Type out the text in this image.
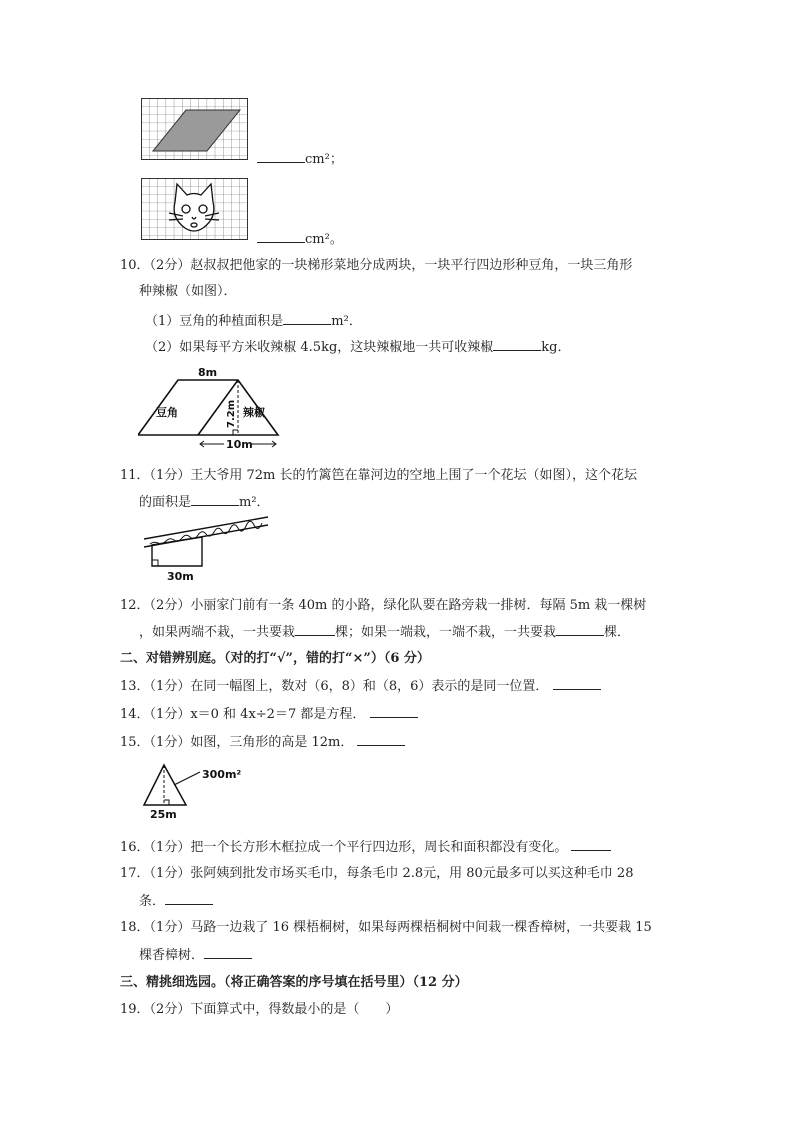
cm²；
cm²。
10．（2分）赵叔叔把他家的一块梯形菜地分成两块，一块平行四边形种豆角，一块三角形
种辣椒（如图）．
（1）豆角的种植面积是	m²．
（2）如果每平方米收辣椒 4.5kg，这块辣椒地一共可收辣椒	kg．
8m
豆角	辣椒
7.2m
10m
11．（1分）王大爷用 72m 长的竹篱笆在靠河边的空地上围了一个花坛（如图），这个花坛
的面积是	m²．
30m
12．（2分）小丽家门前有一条 40m 的小路，绿化队要在路旁栽一排树．每隔 5m 栽一棵树
，如果两端不栽，一共要栽	棵；如果一端栽，一端不栽，一共要栽	棵．
二、对错辨别庭。（对的打“√”，错的打“×”）（6 分）
13．（1分）在同一幅图上，数对（6，8）和（8，6）表示的是同一位置．
14．（1分）x＝0 和 4x÷2＝7 都是方程．
15．（1分）如图，三角形的高是 12m．
300m²
25m
16．（1分）把一个长方形木框拉成一个平行四边形，周长和面积都没有变化。
17．（1分）张阿姨到批发市场买毛巾，每条毛巾 2.8元，用 80元最多可以买这种毛巾 28
条．
18．（1分）马路一边栽了 16 棵梧桐树，如果每两棵梧桐树中间栽一棵香樟树，一共要栽 15
棵香樟树．
三、精挑细选园。（将正确答案的序号填在括号里）（12 分）
19．（2分）下面算式中，得数最小的是（　　）
